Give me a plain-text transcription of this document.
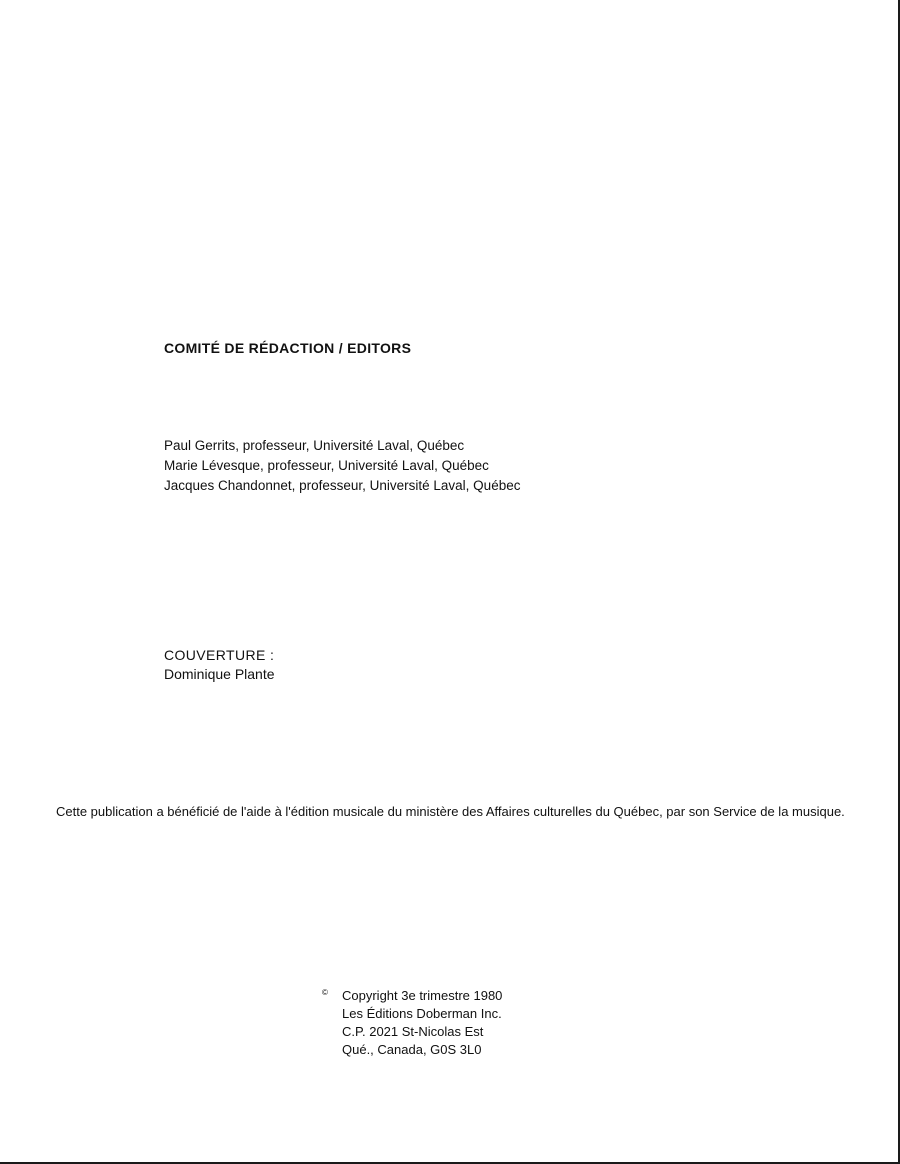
COMITÉ DE RÉDACTION / EDITORS
Paul Gerrits, professeur, Université Laval, Québec
Marie Lévesque, professeur, Université Laval, Québec
Jacques Chandonnet, professeur, Université Laval, Québec
COUVERTURE :
Dominique Plante
Cette publication a bénéficié de l'aide à l'édition musicale du ministère des Affaires culturelles du Québec, par son Service de la musique.
©	Copyright 3e trimestre 1980
Les Éditions Doberman Inc.
C.P. 2021 St-Nicolas Est
Qué., Canada, G0S 3L0
